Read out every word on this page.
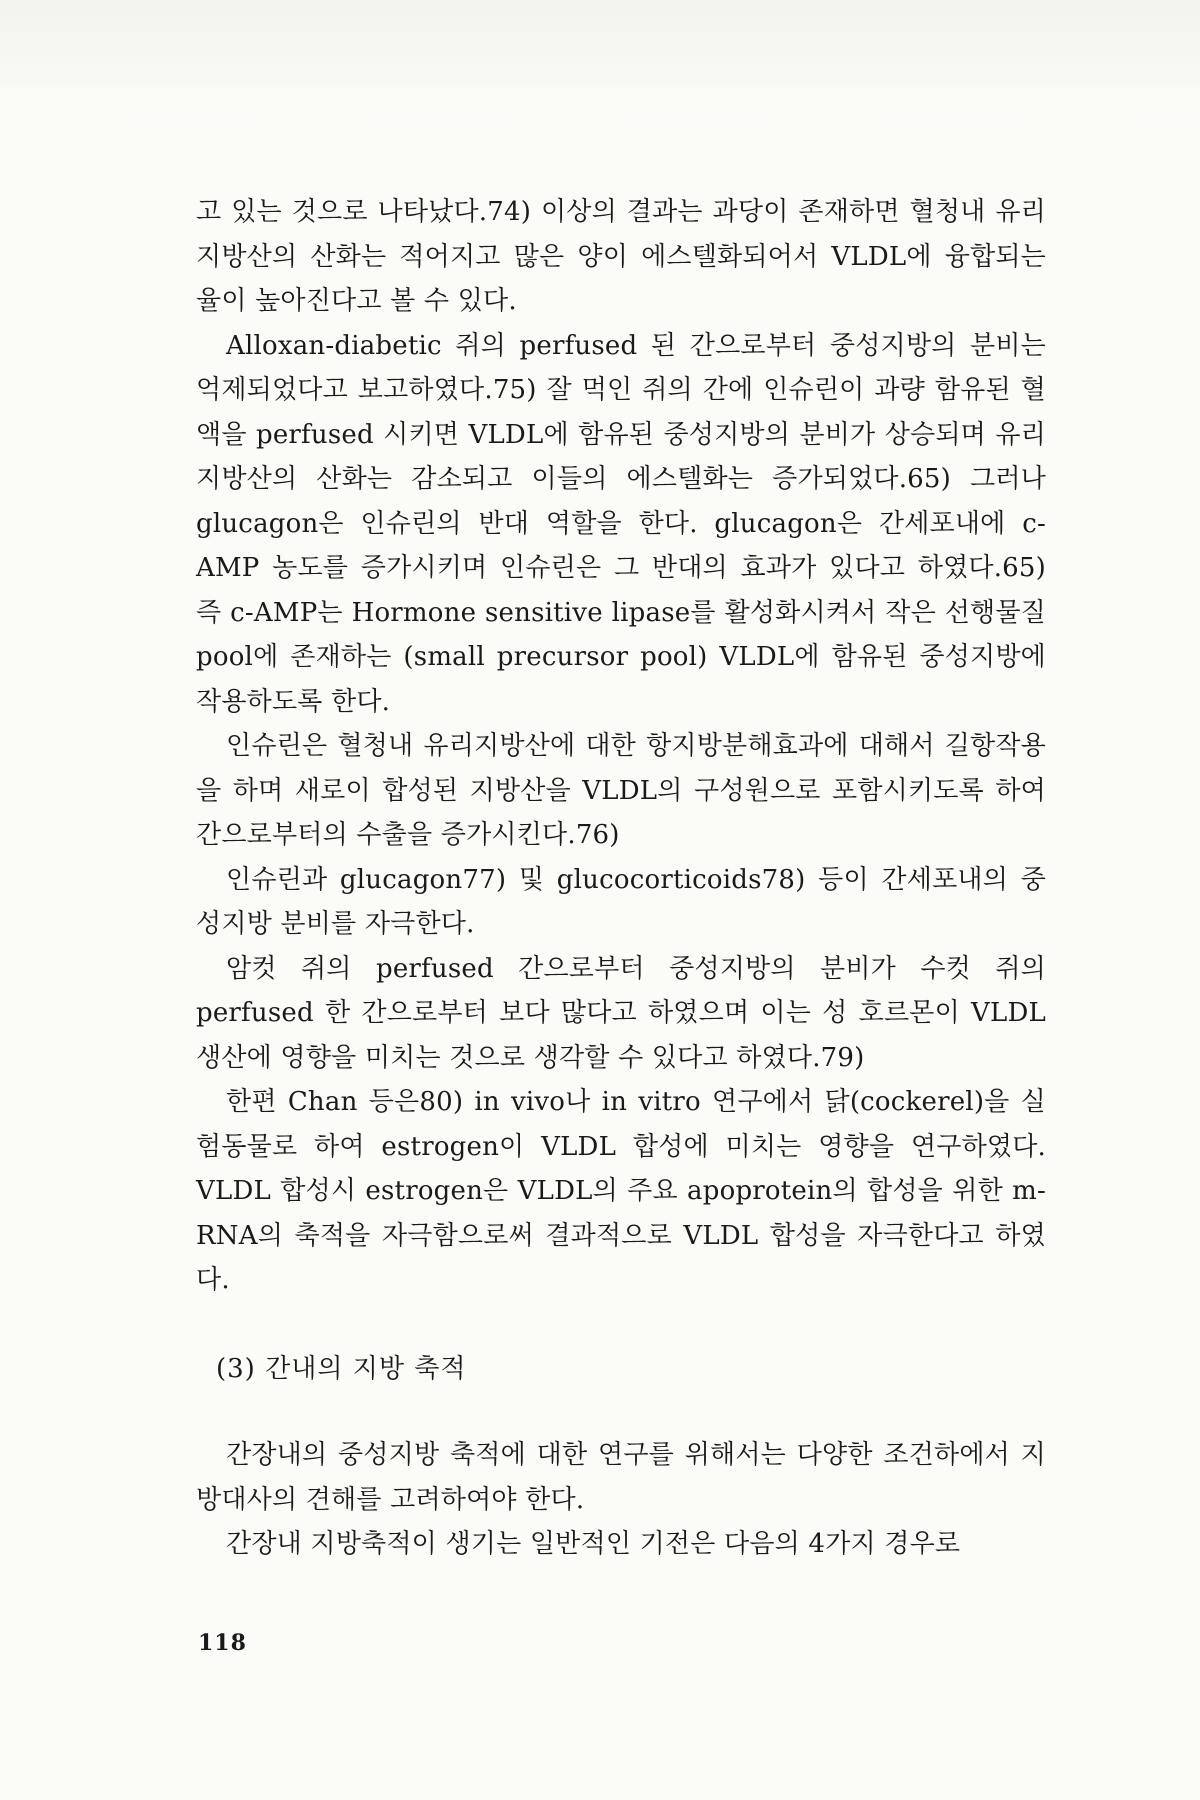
고 있는 것으로 나타났다.74) 이상의 결과는 과당이 존재하면 혈청내 유리지방산의 산화는 적어지고 많은 양이 에스텔화되어서 VLDL에 융합되는 율이 높아진다고 볼 수 있다.

Alloxan-diabetic 쥐의 perfused 된 간으로부터 중성지방의 분비는 억제되었다고 보고하였다.75) 잘 먹인 쥐의 간에 인슈린이 과량 함유된 혈액을 perfused 시키면 VLDL에 함유된 중성지방의 분비가 상승되며 유리지방산의 산화는 감소되고 이들의 에스텔화는 증가되었다.65) 그러나 glucagon은 인슈린의 반대 역할을 한다. glucagon은 간세포내에 c-AMP 농도를 증가시키며 인슈린은 그 반대의 효과가 있다고 하였다.65) 즉 c-AMP는 Hormone sensitive lipase를 활성화시켜서 작은 선행물질 pool에 존재하는 (small precursor pool) VLDL에 함유된 중성지방에 작용하도록 한다.

인슈린은 혈청내 유리지방산에 대한 항지방분해효과에 대해서 길항작용을 하며 새로이 합성된 지방산을 VLDL의 구성원으로 포함시키도록 하여 간으로부터의 수출을 증가시킨다.76)

인슈린과 glucagon77) 및 glucocorticoids78) 등이 간세포내의 중성지방 분비를 자극한다.

암컷 쥐의 perfused 간으로부터 중성지방의 분비가 수컷 쥐의 perfused 한 간으로부터 보다 많다고 하였으며 이는 성 호르몬이 VLDL 생산에 영향을 미치는 것으로 생각할 수 있다고 하였다.79)

한편 Chan 등은80) in vivo나 in vitro 연구에서 닭(cockerel)을 실험동물로 하여 estrogen이 VLDL 합성에 미치는 영향을 연구하였다. VLDL 합성시 estrogen은 VLDL의 주요 apoprotein의 합성을 위한 m-RNA의 축적을 자극함으로써 결과적으로 VLDL 합성을 자극한다고 하였다.

(3) 간내의 지방 축적

간장내의 중성지방 축적에 대한 연구를 위해서는 다양한 조건하에서 지방대사의 견해를 고려하여야 한다.

간장내 지방축적이 생기는 일반적인 기전은 다음의 4가지 경우로

118
